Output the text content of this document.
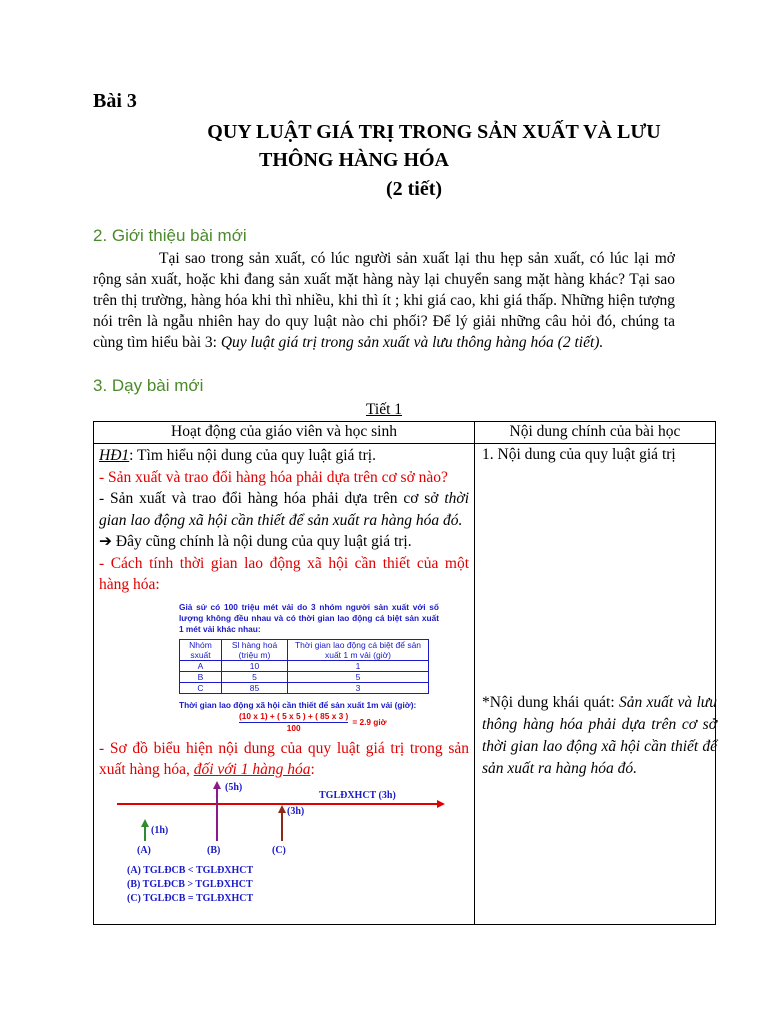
Bài 3
QUY LUẬT GIÁ TRỊ TRONG SẢN XUẤT VÀ LƯU
THÔNG HÀNG HÓA
(2 tiết)
2. Giới thiệu bài mới
Tại sao trong sản xuất, có lúc người sản xuất lại thu hẹp sản xuất, có lúc lại mở rộng sản xuất, hoặc khi đang sản xuất mặt hàng này lại chuyển sang mặt hàng khác? Tại sao trên thị trường, hàng hóa khi thì nhiều, khi thì ít ; khi giá cao, khi giá thấp. Những hiện tượng nói trên là ngẫu nhiên hay do quy luật nào chi phối? Để lý giải những câu hỏi đó, chúng ta cùng tìm hiểu bài 3: Quy luật giá trị trong sản xuất và lưu thông hàng hóa (2 tiết).
3. Dạy bài mới
Tiết 1
Hoạt động của giáo viên và học sinh	Nội dung chính của bài học

HĐ1: Tìm hiểu nội dung của quy luật giá trị.
- Sản xuất và trao đổi hàng hóa phải dựa trên cơ sở nào?
- Sản xuất và trao đổi hàng hóa phải dựa trên cơ sở thời gian lao động xã hội cần thiết để sản xuất ra hàng hóa đó.
➔ Đây cũng chính là nội dung của quy luật giá trị.
- Cách tính thời gian lao động xã hội cần thiết của một hàng hóa:
Giả sử có 100 triệu mét vải do 3 nhóm người sản xuất với số lượng không đều nhau và có thời gian lao động cá biệt sản xuất 1 mét vải khác nhau:
Nhóm sxuất	Sl hàng hoá (triệu m)	Thời gian lao động cá biệt để sản xuất 1 m vải (giờ)
A	10	1
B	5	5
C	85	3
Thời gian lao động xã hội cần thiết để sản xuất 1m vải (giờ):
$\frac{(10 x 1) + ( 5 x 5 ) + ( 85 x 3 )}{100} = 2.9$ giờ
- Sơ đồ biểu hiện nội dung của quy luật giá trị trong sản xuất hàng hóa, đối với 1 hàng hóa:
(5h)
TGLĐXHCT (3h)
(3h)
(1h)
(A)	(B)	(C)
(A) TGLĐCB < TGLĐXHCT
(B) TGLĐCB > TGLĐXHCT
(C) TGLĐCB = TGLĐXHCT

1. Nội dung của quy luật giá trị
*Nội dung khái quát: Sản xuất và lưu thông hàng hóa phải dựa trên cơ sở thời gian lao động xã hội cần thiết để sản xuất ra hàng hóa đó.
